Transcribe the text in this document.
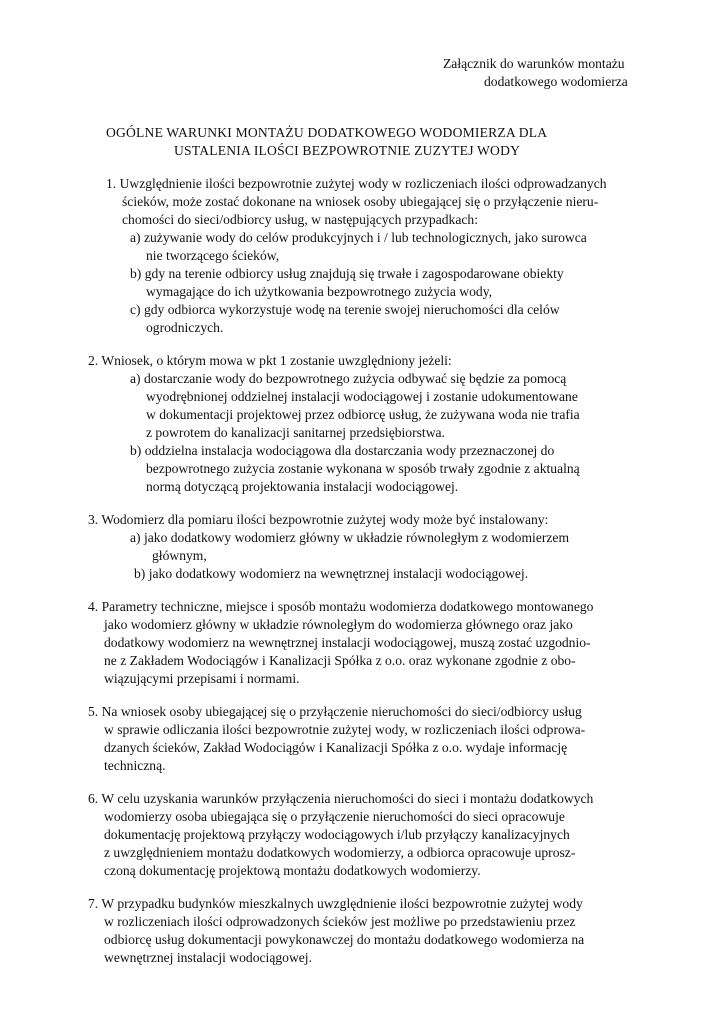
Załącznik do warunków montażu
dodatkowego wodomierza
OGÓLNE WARUNKI MONTAŻU DODATKOWEGO WODOMIERZA DLA
USTALENIA ILOŚCI BEZPOWROTNIE ZUZYTEJ WODY
1. Uwzględnienie ilości bezpowrotnie zużytej wody w rozliczeniach ilości odprowadzanych
ścieków, może zostać dokonane na wniosek osoby ubiegającej się o przyłączenie nieru-
chomości do sieci/odbiorcy usług, w następujących przypadkach:
a) zużywanie wody do celów produkcyjnych i / lub technologicznych, jako surowca
nie tworzącego ścieków,
b) gdy na terenie odbiorcy usług znajdują się trwałe i zagospodarowane obiekty
wymagające do ich użytkowania bezpowrotnego zużycia wody,
c) gdy odbiorca wykorzystuje wodę na terenie swojej nieruchomości dla celów
ogrodniczych.
2. Wniosek, o którym mowa w pkt 1 zostanie uwzględniony jeżeli:
a) dostarczanie wody do bezpowrotnego zużycia odbywać się będzie za pomocą
wyodrębnionej oddzielnej instalacji wodociągowej i zostanie udokumentowane
w dokumentacji projektowej przez odbiorcę usług, że zużywana woda nie trafia
z powrotem do kanalizacji sanitarnej przedsiębiorstwa.
b) oddzielna instalacja wodociągowa dla dostarczania wody przeznaczonej do
bezpowrotnego zużycia zostanie wykonana w sposób trwały zgodnie z aktualną
normą dotyczącą projektowania instalacji wodociągowej.
3. Wodomierz dla pomiaru ilości bezpowrotnie zużytej wody może być instalowany:
a) jako dodatkowy wodomierz główny w układzie równoległym z wodomierzem
głównym,
b) jako dodatkowy wodomierz na wewnętrznej instalacji wodociągowej.
4. Parametry techniczne, miejsce i sposób montażu wodomierza dodatkowego montowanego
jako wodomierz główny w układzie równoległym do wodomierza głównego oraz jako
dodatkowy wodomierz na wewnętrznej instalacji wodociągowej, muszą zostać uzgodnio-
ne z Zakładem Wodociągów i Kanalizacji Spółka z o.o. oraz wykonane zgodnie z obo-
wiązującymi przepisami i normami.
5. Na wniosek osoby ubiegającej się o przyłączenie nieruchomości do sieci/odbiorcy usług
w sprawie odliczania ilości bezpowrotnie zużytej wody, w rozliczeniach ilości odprowa-
dzanych ścieków, Zakład Wodociągów i Kanalizacji Spółka z o.o. wydaje informację
techniczną.
6. W celu uzyskania warunków przyłączenia nieruchomości do sieci i montażu dodatkowych
wodomierzy osoba ubiegająca się o przyłączenie nieruchomości do sieci opracowuje
dokumentację projektową przyłączy wodociągowych i/lub przyłączy kanalizacyjnych
z uwzględnieniem montażu dodatkowych wodomierzy, a odbiorca opracowuje uprosz-
czoną dokumentację projektową montażu dodatkowych wodomierzy.
7. W przypadku budynków mieszkalnych uwzględnienie ilości bezpowrotnie zużytej wody
w rozliczeniach ilości odprowadzonych ścieków jest możliwe po przedstawieniu przez
odbiorcę usług dokumentacji powykonawczej do montażu dodatkowego wodomierza na
wewnętrznej instalacji wodociągowej.
